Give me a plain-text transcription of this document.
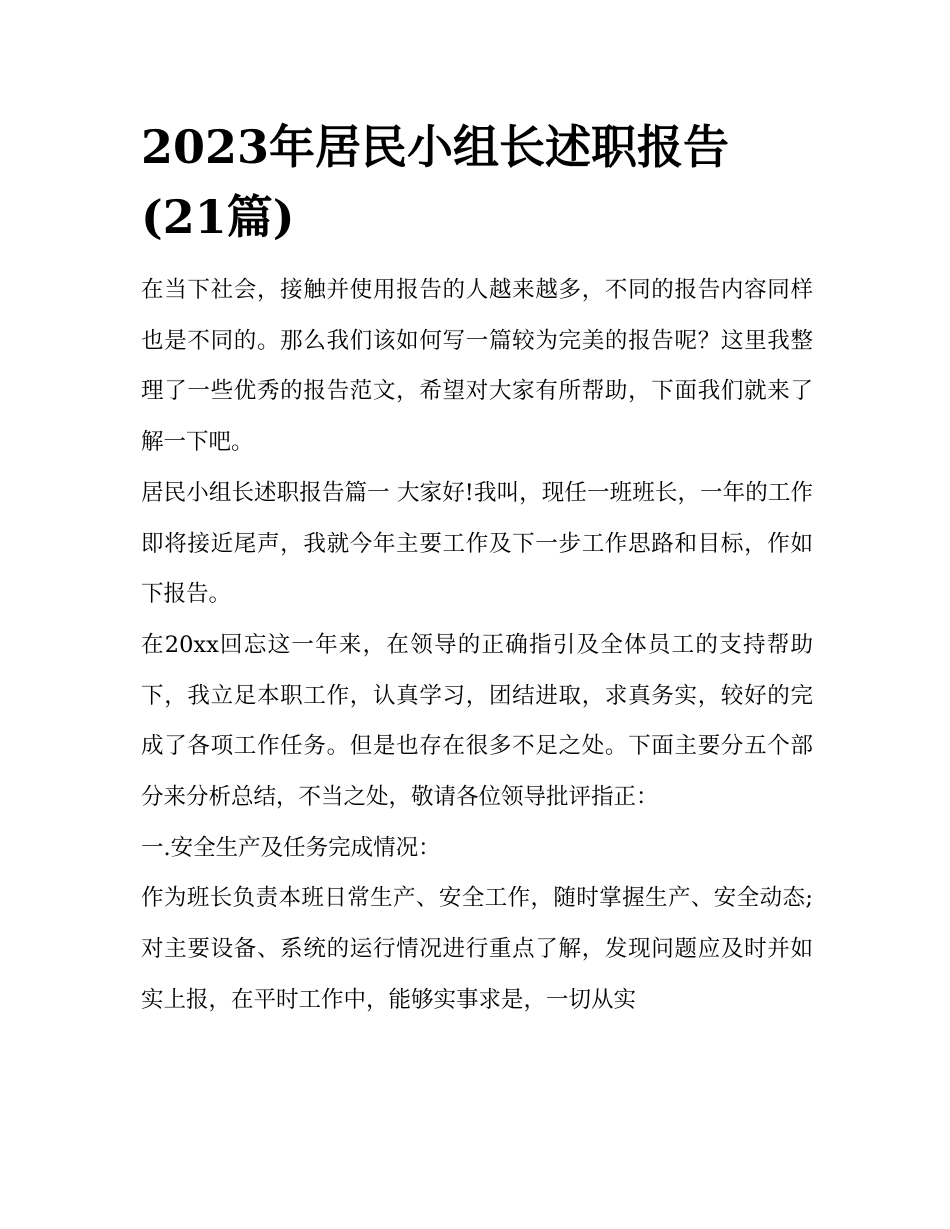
2023年居民小组长述职报告(21篇)

在当下社会，接触并使用报告的人越来越多，不同的报告内容同样也是不同的。那么我们该如何写一篇较为完美的报告呢？这里我整理了一些优秀的报告范文，希望对大家有所帮助，下面我们就来了解一下吧。

居民小组长述职报告篇一 大家好!我叫，现任一班班长，一年的工作即将接近尾声，我就今年主要工作及下一步工作思路和目标，作如下报告。

在20xx回忘这一年来，在领导的正确指引及全体员工的支持帮助下，我立足本职工作，认真学习，团结进取，求真务实，较好的完成了各项工作任务。但是也存在很多不足之处。下面主要分五个部分来分析总结，不当之处，敬请各位领导批评指正：

一.安全生产及任务完成情况：

作为班长负责本班日常生产、安全工作，随时掌握生产、安全动态;对主要设备、系统的运行情况进行重点了解，发现问题应及时并如实上报，在平时工作中，能够实事求是，一切从实
